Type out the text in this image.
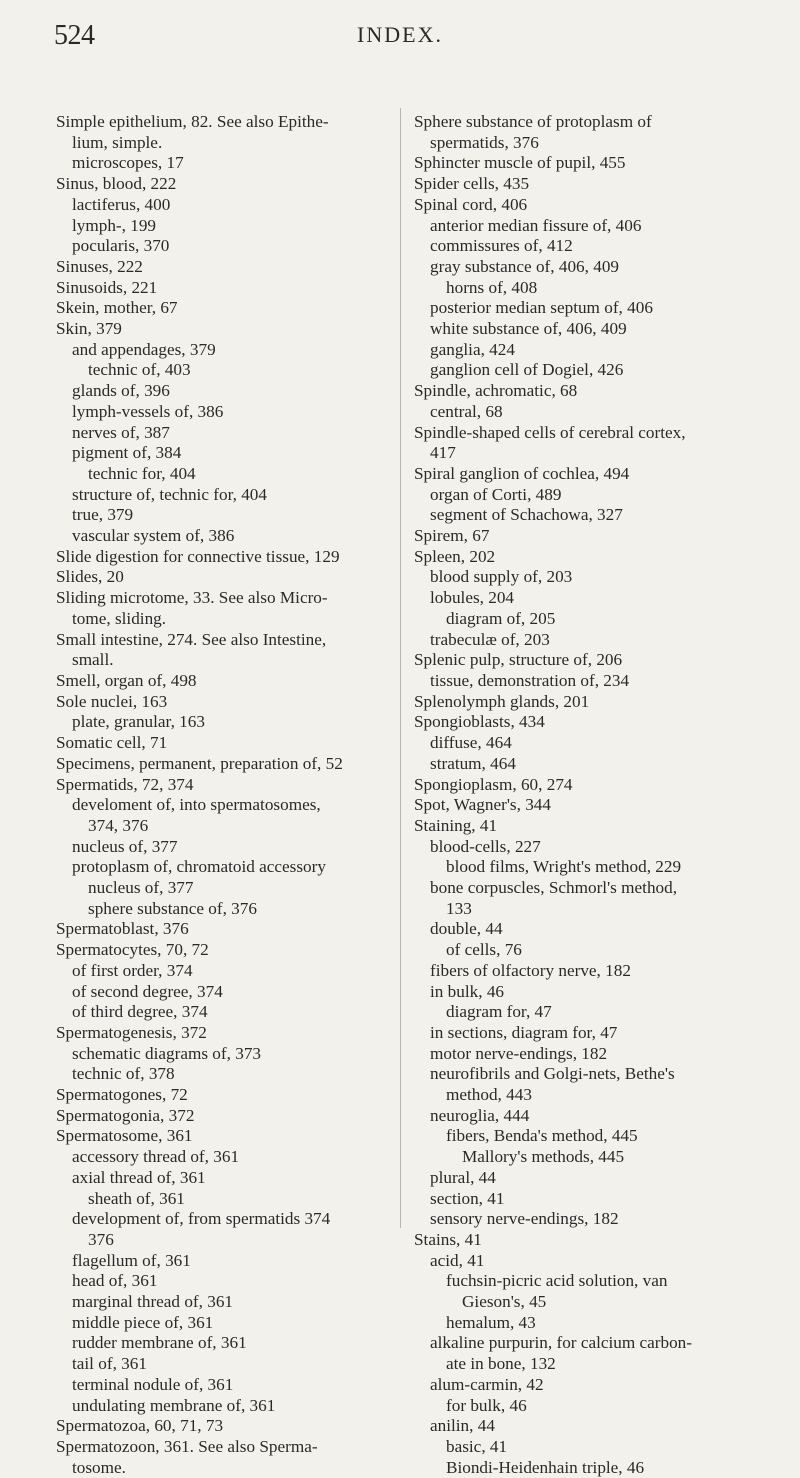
524	INDEX.
Simple epithelium, 82. See also Epithe-
lium, simple.
microscopes, 17
Sinus, blood, 222
lactiferus, 400
lymph-, 199
pocularis, 370
Sinuses, 222
Sinusoids, 221
Skein, mother, 67
Skin, 379
and appendages, 379
technic of, 403
glands of, 396
lymph-vessels of, 386
nerves of, 387
pigment of, 384
technic for, 404
structure of, technic for, 404
true, 379
vascular system of, 386
Slide digestion for connective tissue, 129
Slides, 20
Sliding microtome, 33. See also Micro-
tome, sliding.
Small intestine, 274. See also Intestine,
small.
Smell, organ of, 498
Sole nuclei, 163
plate, granular, 163
Somatic cell, 71
Specimens, permanent, preparation of, 52
Spermatids, 72, 374
develoment of, into spermatosomes,
374, 376
nucleus of, 377
protoplasm of, chromatoid accessory
nucleus of, 377
sphere substance of, 376
Spermatoblast, 376
Spermatocytes, 70, 72
of first order, 374
of second degree, 374
of third degree, 374
Spermatogenesis, 372
schematic diagrams of, 373
technic of, 378
Spermatogones, 72
Spermatogonia, 372
Spermatosome, 361
accessory thread of, 361
axial thread of, 361
sheath of, 361
development of, from spermatids 374
376
flagellum of, 361
head of, 361
marginal thread of, 361
middle piece of, 361
rudder membrane of, 361
tail of, 361
terminal nodule of, 361
undulating membrane of, 361
Spermatozoa, 60, 71, 73
Spermatozoon, 361. See also Sperma-
tosome.
Sphere substance of protoplasm of
spermatids, 376
Sphincter muscle of pupil, 455
Spider cells, 435
Spinal cord, 406
anterior median fissure of, 406
commissures of, 412
gray substance of, 406, 409
horns of, 408
posterior median septum of, 406
white substance of, 406, 409
ganglia, 424
ganglion cell of Dogiel, 426
Spindle, achromatic, 68
central, 68
Spindle-shaped cells of cerebral cortex,
417
Spiral ganglion of cochlea, 494
organ of Corti, 489
segment of Schachowa, 327
Spirem, 67
Spleen, 202
blood supply of, 203
lobules, 204
diagram of, 205
trabeculæ of, 203
Splenic pulp, structure of, 206
tissue, demonstration of, 234
Splenolymph glands, 201
Spongioblasts, 434
diffuse, 464
stratum, 464
Spongioplasm, 60, 274
Spot, Wagner's, 344
Staining, 41
blood-cells, 227
blood films, Wright's method, 229
bone corpuscles, Schmorl's method,
133
double, 44
of cells, 76
fibers of olfactory nerve, 182
in bulk, 46
diagram for, 47
in sections, diagram for, 47
motor nerve-endings, 182
neurofibrils and Golgi-nets, Bethe's
method, 443
neuroglia, 444
fibers, Benda's method, 445
Mallory's methods, 445
plural, 44
section, 41
sensory nerve-endings, 182
Stains, 41
acid, 41
fuchsin-picric acid solution, van
Gieson's, 45
hemalum, 43
alkaline purpurin, for calcium carbon-
ate in bone, 132
alum-carmin, 42
for bulk, 46
anilin, 44
basic, 41
Biondi-Heidenhain triple, 46
